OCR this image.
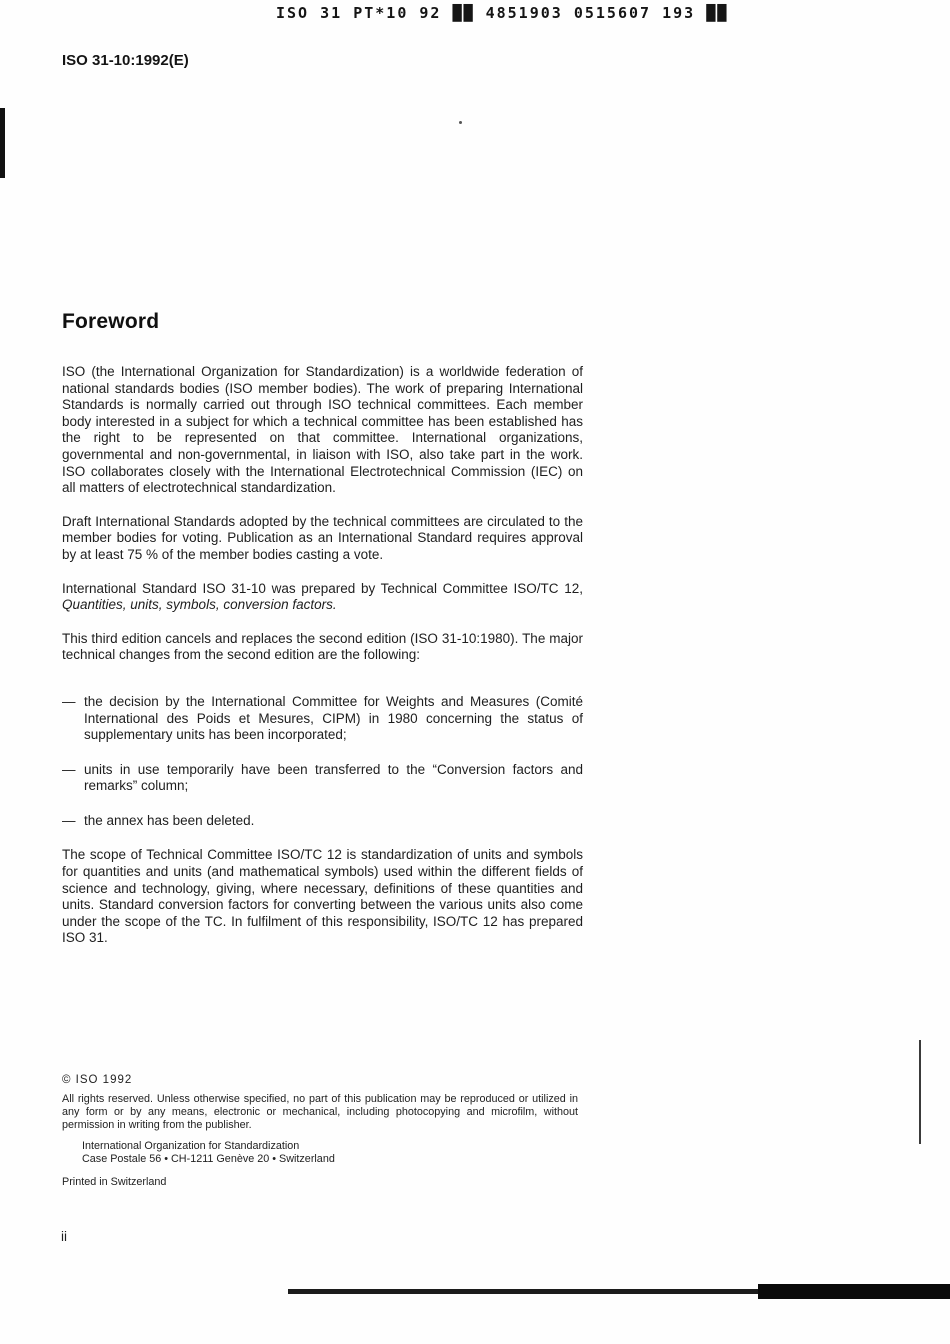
ISO 31 PT*10 92 ██ 4851903 0515607 193 ██
ISO 31-10:1992(E)
Foreword

ISO (the International Organization for Standardization) is a worldwide federation of national standards bodies (ISO member bodies). The work of preparing International Standards is normally carried out through ISO technical committees. Each member body interested in a subject for which a technical committee has been established has the right to be represented on that committee. International organizations, governmental and non-governmental, in liaison with ISO, also take part in the work. ISO collaborates closely with the International Electrotechnical Commission (IEC) on all matters of electrotechnical standardization.

Draft International Standards adopted by the technical committees are circulated to the member bodies for voting. Publication as an International Standard requires approval by at least 75 % of the member bodies casting a vote.

International Standard ISO 31-10 was prepared by Technical Committee ISO/TC 12, Quantities, units, symbols, conversion factors.

This third edition cancels and replaces the second edition (ISO 31-10:1980). The major technical changes from the second edition are the following:

— the decision by the International Committee for Weights and Measures (Comité International des Poids et Mesures, CIPM) in 1980 concerning the status of supplementary units has been incorporated;
— units in use temporarily have been transferred to the “Conversion factors and remarks” column;
— the annex has been deleted.

The scope of Technical Committee ISO/TC 12 is standardization of units and symbols for quantities and units (and mathematical symbols) used within the different fields of science and technology, giving, where necessary, definitions of these quantities and units. Standard conversion factors for converting between the various units also come under the scope of the TC. In fulfilment of this responsibility, ISO/TC 12 has prepared ISO 31.

© ISO 1992
All rights reserved. Unless otherwise specified, no part of this publication may be reproduced or utilized in any form or by any means, electronic or mechanical, including photocopying and microfilm, without permission in writing from the publisher.
International Organization for Standardization
Case Postale 56 • CH-1211 Genève 20 • Switzerland
Printed in Switzerland
ii
